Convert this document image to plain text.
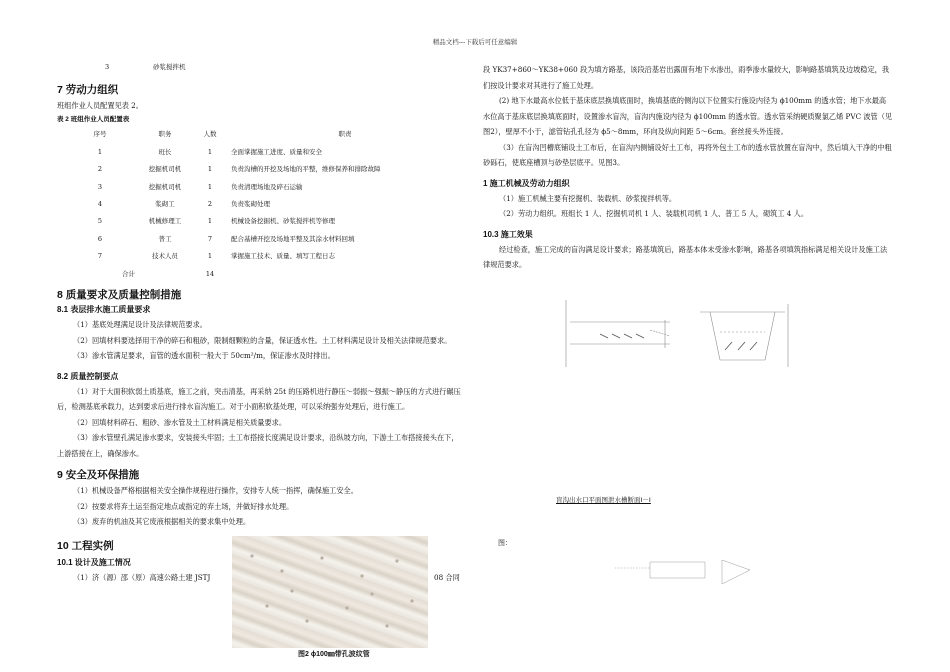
精品文档---下载后可任意编辑
3	砂浆搅拌机
7 劳动力组织

班组作业人员配置见表 2。

表 2 班组作业人员配置表
序号	职务	人数	职责
1	班长	1	全面掌握施工进度、质量和安全
2	挖掘机司机	1	负责沟槽的开挖及场地的平整，维修保养和排除故障
3	挖掘机司机	1	负责清理场地及碎石运输
4	浆砌工	2	负责浆砌处理
5	机械修理工	1	机械设备挖掘机、砂浆搅拌机等修理
6	普工	7	配合基槽开挖及场地平整及其涂水材料回填
7	技术人员	1	掌握施工技术、质量、填写工程日志
合计		14	
8 质量要求及质量控制措施
8.1 表层排水施工质量要求

（1）基底处理满足设计及法律规范要求。

（2）回填材料要选择用干净的碎石和粗砂，限制细颗粒的含量，保证透水性。土工材料满足设计及相关法律规范要求。

（3）渗水管满足要求，盲管的透水面积一般大于 50cm²/m，保证渗水及时排出。

8.2 质量控制要点

（1）对于大面积软弱土质基底，施工之前，突击清基，再采纳 25t 的压路机进行静压～弱振～强振～静压的方式进行碾压后，检测基底承载力，达到要求后进行排水盲沟施工。对于小面积软基处理，可以采纳强夯处理后，进行施工。

（2）回填材料碎石、粗砂、渗水管及土工材料满足相关质量要求。

（3）渗水管壁孔满足渗水要求，安装接头牢固；土工布搭接长度满足设计要求，沿纵坡方向，下游土工布搭接接头在下，上游搭接在上，确保渗水。

9 安全及环保措施

（1）机械设备严格根据相关安全操作规程进行操作，安排专人统一指挥，确保施工安全。

（2）按要求将弃土运至指定地点或指定的弃土场，并做好排水处理。

（3）废弃的机油及其它废液根据相关的要求集中处理。

10 工程实例
10.1 设计及施工情况
（1）济（源）邵（原）高速公路土建 JSTJ	08 合同
图2 ϕ100㎜带孔波纹管

段 YK37+860～YK38+060 段为填方路基，该段沿基岩出露面有地下水渗出，雨季渗水量较大，影响路基填筑及边坡稳定，我们按设计要求对其进行了施工处理。

(2) 地下水最高水位低于基床底层换填底面时，换填基底的侧沟以下位置实行施设内径为 ϕ100mm 的透水管；地下水最高水位高于基床底层换填底面时，设置渗水盲沟，盲沟内施设内径为 ϕ100mm 的透水管。透水管采纳硬质聚氯乙烯 PVC 波管（见图2），壁厚不小于，滤管钻孔孔径为 ϕ5～8mm，环向及纵向间距 5～6cm。套丝接头外连接。

（3）在盲沟凹槽底铺设土工布后，在盲沟内侧铺设好土工布，再将外包土工布的透水管放置在盲沟中，然后填入干净的中粗砂砾石，使底座槽顶与砂垫层底平。见图3。

1 施工机械及劳动力组织

（1）施工机械主要有挖掘机、装载机、砂浆搅拌机等。

（2）劳动力组织。班组长 1 人、挖掘机司机 1 人、装载机司机 1 人、普工 5 人，砌筑工 4 人。

10.3 施工效果

经过检查，施工完成的盲沟满足设计要求；路基填筑后，路基本体未受渗水影响，路基各项填筑指标满足相关设计及施工法律规范要求。

盲沟出水口平面图泄水槽断面Ⅰ－Ⅰ
图：
